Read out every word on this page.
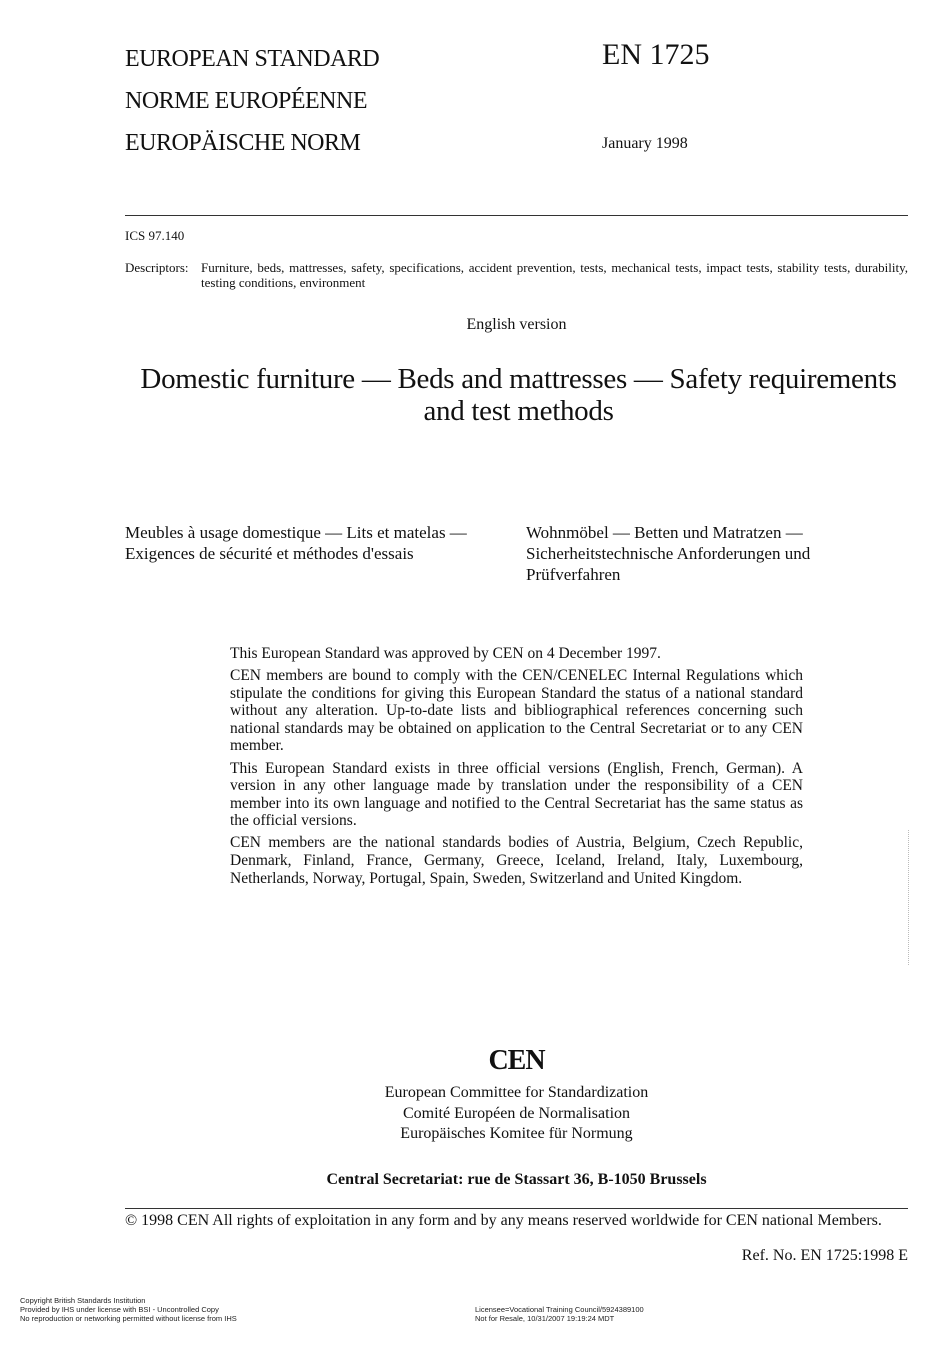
EUROPEAN STANDARD
NORME EUROPÉENNE
EUROPÄISCHE NORM
EN 1725
January 1998
ICS 97.140
Descriptors: Furniture, beds, mattresses, safety, specifications, accident prevention, tests, mechanical tests, impact tests, stability tests, durability, testing conditions, environment
English version
Domestic furniture — Beds and mattresses — Safety requirements
and test methods
Meubles à usage domestique — Lits et matelas — Exigences de sécurité et méthodes d'essais
Wohnmöbel — Betten und Matratzen — Sicherheitstechnische Anforderungen und Prüfverfahren

This European Standard was approved by CEN on 4 December 1997.

CEN members are bound to comply with the CEN/CENELEC Internal Regulations which stipulate the conditions for giving this European Standard the status of a national standard without any alteration. Up-to-date lists and bibliographical references concerning such national standards may be obtained on application to the Central Secretariat or to any CEN member.

This European Standard exists in three official versions (English, French, German). A version in any other language made by translation under the responsibility of a CEN member into its own language and notified to the Central Secretariat has the same status as the official versions.

CEN members are the national standards bodies of Austria, Belgium, Czech Republic, Denmark, Finland, France, Germany, Greece, Iceland, Ireland, Italy, Luxembourg, Netherlands, Norway, Portugal, Spain, Sweden, Switzerland and United Kingdom.

CEN
European Committee for Standardization
Comité Européen de Normalisation
Europäisches Komitee für Normung
Central Secretariat: rue de Stassart 36, B-1050 Brussels
© 1998 CEN All rights of exploitation in any form and by any means reserved worldwide for CEN national Members.
Ref. No. EN 1725:1998 E
Copyright British Standards Institution
Provided by IHS under license with BSI - Uncontrolled Copy
No reproduction or networking permitted without license from IHS
Licensee=Vocational Training Council/5924389100
Not for Resale, 10/31/2007 19:19:24 MDT
